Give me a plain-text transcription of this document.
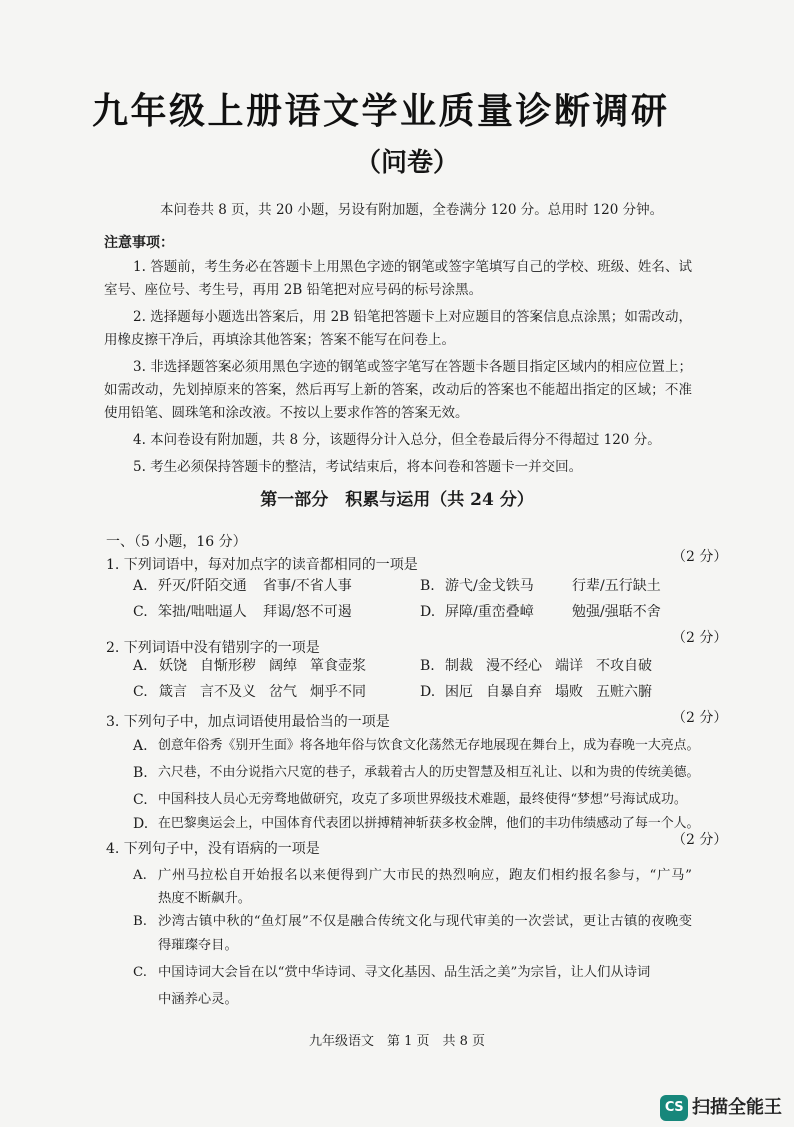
九年级上册语文学业质量诊断调研
（问卷）
本问卷共 8 页，共 20 小题，另设有附加题，全卷满分 120 分。总用时 120 分钟。
注意事项：
1. 答题前，考生务必在答题卡上用黑色字迹的钢笔或签字笔填写自己的学校、班级、姓名、试
室号、座位号、考生号，再用 2B 铅笔把对应号码的标号涂黑。
2. 选择题每小题选出答案后，用 2B 铅笔把答题卡上对应题目的答案信息点涂黑；如需改动，
用橡皮擦干净后，再填涂其他答案；答案不能写在问卷上。
3. 非选择题答案必须用黑色字迹的钢笔或签字笔写在答题卡各题目指定区域内的相应位置上；
如需改动，先划掉原来的答案，然后再写上新的答案，改动后的答案也不能超出指定的区域；不准
使用铅笔、圆珠笔和涂改液。不按以上要求作答的答案无效。
4. 本问卷设有附加题，共 8 分，该题得分计入总分，但全卷最后得分不得超过 120 分。
5. 考生必须保持答题卡的整洁，考试结束后，将本问卷和答题卡一并交回。
第一部分　积累与运用（共 24 分）
一、（5 小题，16 分）
1. 下列词语中，每对加点字的读音都相同的一项是	（2 分）
A. 歼灭/阡陌交通 省事/不省人事	B. 游弋/金戈铁马	行辈/五行缺土
C. 笨拙/咄咄逼人 拜谒/怒不可遏	D. 屏障/重峦叠嶂	勉强/强聒不舍
2. 下列词语中没有错别字的一项是
（2 分）
A. 妖饶 自惭形秽 阔绰 箪食壶浆	B. 制裁 漫不经心 端详 不攻自破
C. 箴言 言不及义 岔气 炯乎不同	D. 困厄 自暴自弃 塌败 五赃六腑
3. 下列句子中，加点词语使用最恰当的一项是	（2 分）
A. 创意年俗秀《别开生面》将各地年俗与饮食文化荡然无存地展现在舞台上，成为春晚一大亮点。
B. 六尺巷，不由分说指六尺宽的巷子，承载着古人的历史智慧及相互礼让、以和为贵的传统美德。
C. 中国科技人员心无旁骛地做研究，攻克了多项世界级技术难题，最终使得“梦想”号海试成功。
D. 在巴黎奥运会上，中国体育代表团以拼搏精神斩获多枚金牌，他们的丰功伟绩感动了每一个人。
4. 下列句子中，没有语病的一项是
（2 分）
A. 广州马拉松自开始报名以来便得到广大市民的热烈响应，跑友们相约报名参与，“广马”
热度不断飙升。
B. 沙湾古镇中秋的“鱼灯展”不仅是融合传统文化与现代审美的一次尝试，更让古镇的夜晚变
得璀璨夺目。
C. 中国诗词大会旨在以“赏中华诗词、寻文化基因、品生活之美”为宗旨，让人们从诗词
中涵养心灵。
九年级语文　第 1 页　共 8 页
CS 扫描全能王
